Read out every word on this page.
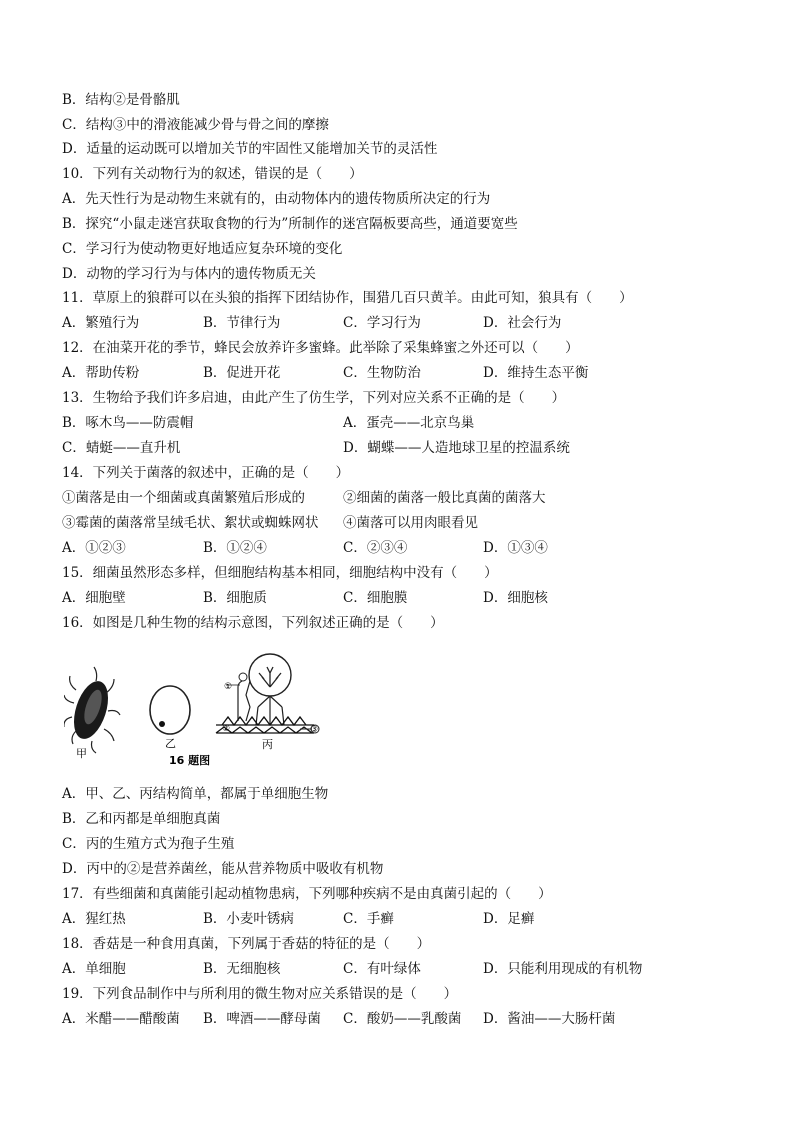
B．结构②是骨骼肌
C．结构③中的滑液能减少骨与骨之间的摩擦
D．适量的运动既可以增加关节的牢固性又能增加关节的灵活性
10．下列有关动物行为的叙述，错误的是（　　）
A．先天性行为是动物生来就有的，由动物体内的遗传物质所决定的行为
B．探究“小鼠走迷宫获取食物的行为”所制作的迷宫隔板要高些，通道要宽些
C．学习行为使动物更好地适应复杂环境的变化
D．动物的学习行为与体内的遗传物质无关
11．草原上的狼群可以在头狼的指挥下团结协作，围猎几百只黄羊。由此可知，狼具有（　　）
A．繁殖行为	B．节律行为	C．学习行为	D．社会行为
12．在油菜开花的季节，蜂民会放养许多蜜蜂。此举除了采集蜂蜜之外还可以（　　）
A．帮助传粉	B．促进开花	C．生物防治	D．维持生态平衡
13．生物给予我们许多启迪，由此产生了仿生学，下列对应关系不正确的是（　　）
B．啄木鸟——防震帽	A．蛋壳——北京鸟巢
C．蜻蜓——直升机	D．蝴蝶——人造地球卫星的控温系统
14．下列关于菌落的叙述中，正确的是（　　）
①菌落是由一个细菌或真菌繁殖后形成的	②细菌的菌落一般比真菌的菌落大
③霉菌的菌落常呈绒毛状、絮状或蜘蛛网状 ④菌落可以用肉眼看见
A．①②③	B．①②④	C．②③④	D．①③④
15．细菌虽然形态多样，但细胞结构基本相同，细胞结构中没有（　　）
A．细胞壁	B．细胞质	C．细胞膜	D．细胞核
16．如图是几种生物的结构示意图，下列叙述正确的是（　　）
①
②	③
甲
乙	丙
16 题图
A．甲、乙、丙结构简单，都属于单细胞生物
B．乙和丙都是单细胞真菌
C．丙的生殖方式为孢子生殖
D．丙中的②是营养菌丝，能从营养物质中吸收有机物
17．有些细菌和真菌能引起动植物患病，下列哪种疾病不是由真菌引起的（　　）
A．猩红热	B．小麦叶锈病	C．手癣	D．足癣
18．香菇是一种食用真菌，下列属于香菇的特征的是（　　）
A．单细胞	B．无细胞核	C．有叶绿体	D．只能利用现成的有机物
19．下列食品制作中与所利用的微生物对应关系错误的是（　　）
A．米醋——醋酸菌 B．啤酒——酵母菌 C．酸奶——乳酸菌 D．酱油——大肠杆菌
